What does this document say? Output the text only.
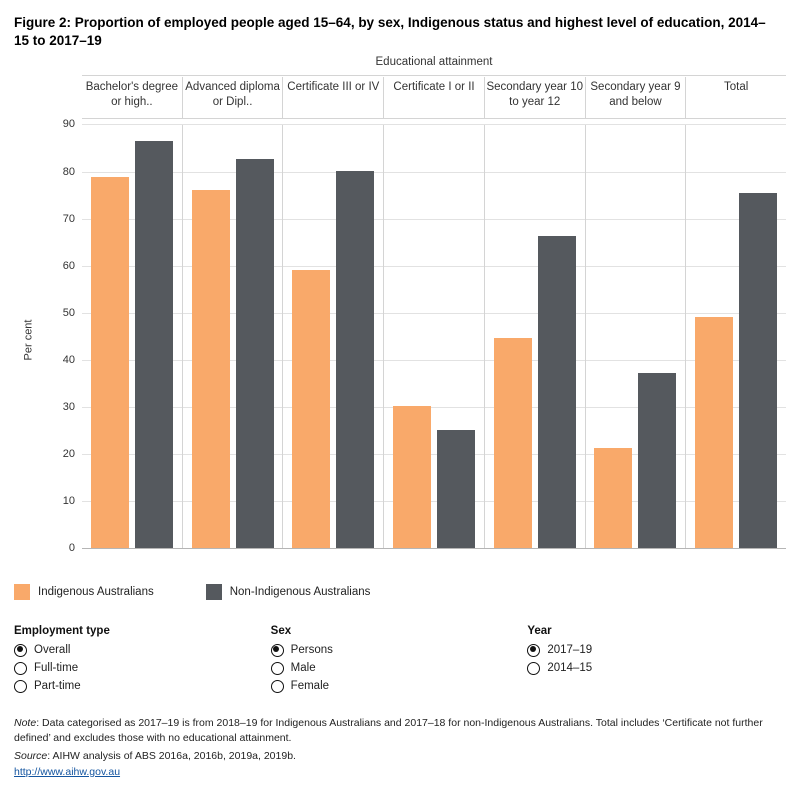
Figure 2: Proportion of employed people aged 15–64, by sex, Indigenous status and highest level of education, 2014–15 to 2017–19
Educational attainment
Bachelor's degree or high..
Advanced diploma or Dipl..
Certificate III or IV	Certificate I or II	Secondary year 10 to year 12
Secondary year 9 and below
Total
Per cent
0
10
20
30
40
50
60
70
80
90
Indigenous Australians	Non-Indigenous Australians
Employment type
Overall
Full-time
Part-time
Sex
Persons
Male
Female
Year
2017–19
2014–15
Note: Data categorised as 2017–19 is from 2018–19 for Indigenous Australians and 2017–18 for non-Indigenous Australians. Total includes ‘Certificate not further defined’ and excludes those with no educational attainment.
Source: AIHW analysis of ABS 2016a, 2016b, 2019a, 2019b.
http://www.aihw.gov.au
